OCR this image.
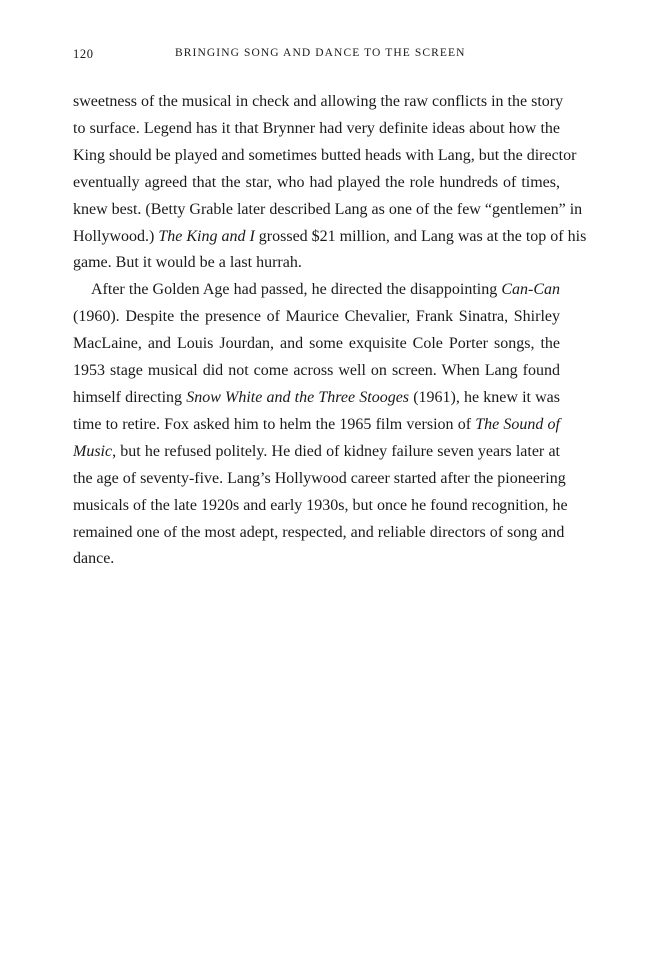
120	BRINGING SONG AND DANCE TO THE SCREEN

sweetness of the musical in check and allowing the raw conflicts in the story
to surface. Legend has it that Brynner had very definite ideas about how the
King should be played and sometimes butted heads with Lang, but the director
eventually agreed that the star, who had played the role hundreds of times,
knew best. (Betty Grable later described Lang as one of the few “gentlemen” in
Hollywood.) The King and I grossed $21 million, and Lang was at the top of his
game. But it would be a last hurrah.

After the Golden Age had passed, he directed the disappointing Can-Can
(1960). Despite the presence of Maurice Chevalier, Frank Sinatra, Shirley
MacLaine, and Louis Jourdan, and some exquisite Cole Porter songs, the
1953 stage musical did not come across well on screen. When Lang found
himself directing Snow White and the Three Stooges (1961), he knew it was
time to retire. Fox asked him to helm the 1965 film version of The Sound of
Music, but he refused politely. He died of kidney failure seven years later at
the age of seventy-five. Lang’s Hollywood career started after the pioneering
musicals of the late 1920s and early 1930s, but once he found recognition, he
remained one of the most adept, respected, and reliable directors of song and
dance.
